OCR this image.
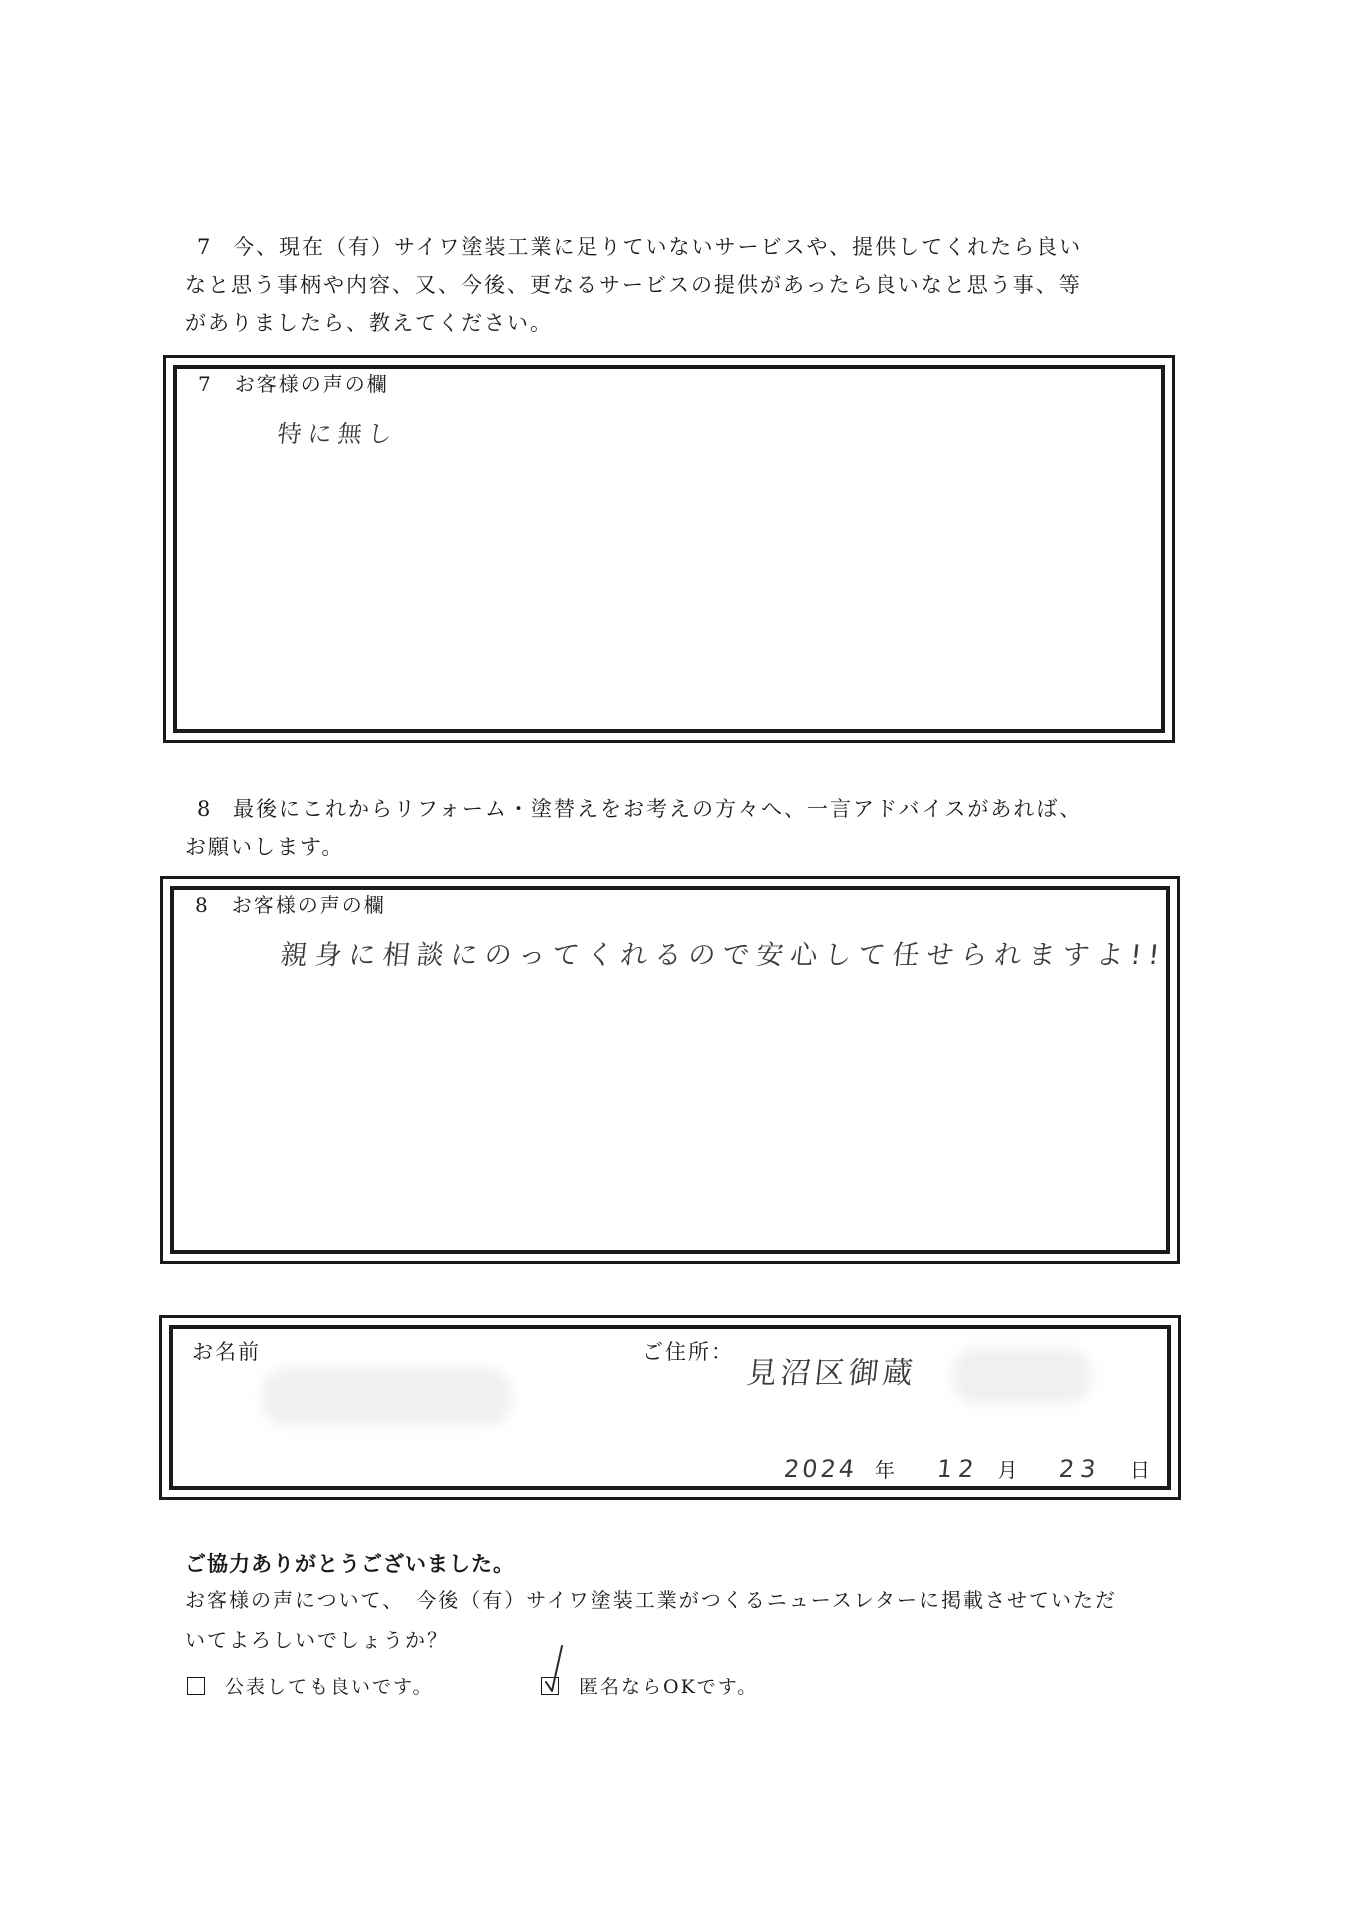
7 今、現在（有）サイワ塗装工業に足りていないサービスや、提供してくれたら良い
なと思う事柄や内容、又、今後、更なるサービスの提供があったら良いなと思う事、等
がありましたら、教えてください。
7　お客様の声の欄
特に無し
8 最後にこれからリフォーム・塗替えをお考えの方々へ、一言アドバイスがあれば、
お願いします。
8　お客様の声の欄
親身に相談にのってくれるので安心して任せられますよ!!
お名前	ご住所：
見沼区御蔵
2024 年 12 月 23 日
ご協力ありがとうございました。
お客様の声について、　今後（有）サイワ塗装工業がつくるニュースレターに掲載させていただ
いてよろしいでしょうか？
公表しても良いです。	匿名ならOKです。
